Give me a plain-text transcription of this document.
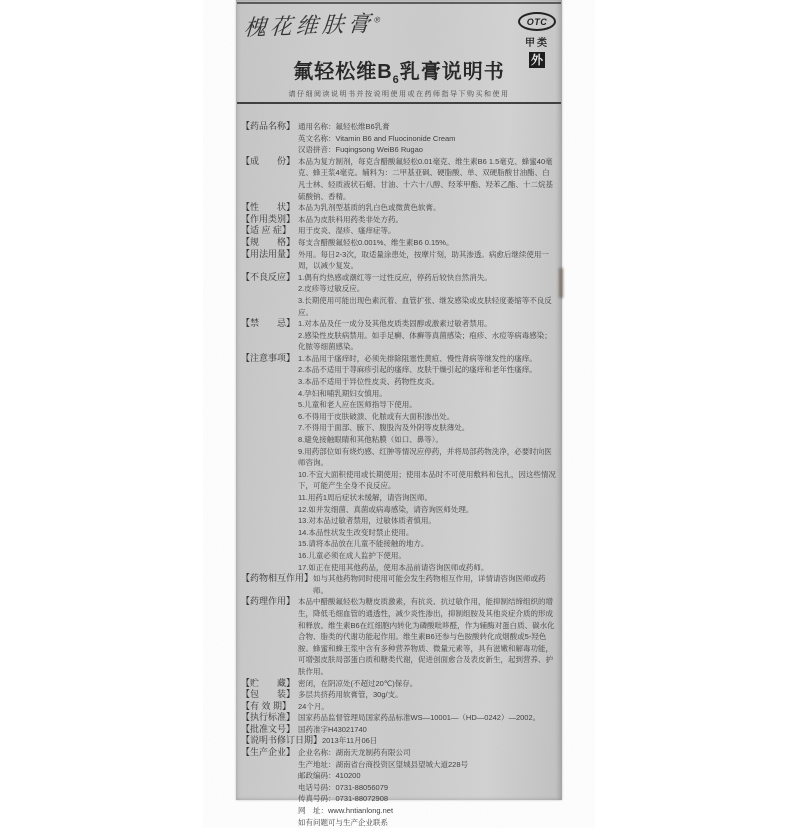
槐花维肤膏®	OTC
甲类
外
氟轻松维$B_6$乳膏说明书
请仔细阅读说明书并按说明使用或在药师指导下购买和使用
【药品名称】 通用名称：氟轻松维B6乳膏

英文名称：Vitamin B6 and Fluocinonide Cream

汉语拼音：Fuqingsong WeiB6 Rugao

【成　　份】 本品为复方制剂，每克含醋酸氟轻松0.01毫克、维生素B6 1.5毫克、蜂蜜40毫克、蜂王浆4毫克。辅料为：二甲基亚砜、硬脂酸、单、双硬脂酸甘油酯、白凡士林、轻质液状石蜡、甘油、十六十八醇、羟苯甲酯、羟苯乙酯、十二烷基硫酸钠、香精。

【性　　状】 本品为乳剂型基质的乳白色或微黄色软膏。

【作用类别】 本品为皮肤科用药类非处方药。

【适 应 症】 用于皮炎、湿疹、瘙痒症等。

【规　　格】 每支含醋酸氟轻松0.001%、维生素B6 0.15%。

【用法用量】 外用。每日2-3次，取适量涂患处，按摩片刻，助其渗透。病愈后继续使用一周，以减少复发。

【不良反应】 1.偶有灼热感或潮红等一过性反应，停药后较快自然消失。

2.皮疹等过敏反应。

3.长期使用可能出现色素沉着、血管扩张、继发感染或皮肤轻度萎缩等不良反应。

【禁　　忌】 1.对本品及任一成分及其他皮质类固醇或激素过敏者禁用。

2.感染性皮肤病禁用。如手足癣、体癣等真菌感染；疱疹、水痘等病毒感染；化脓等细菌感染。

【注意事项】 1.本品用于瘙痒时，必须先排除阻塞性黄疸、慢性肾病等继发性的瘙痒。

2.本品不适用于荨麻疹引起的瘙痒、皮肤干燥引起的瘙痒和老年性瘙痒。

3.本品不适用于异位性皮炎、药物性皮炎。

4.孕妇和哺乳期妇女慎用。

5.儿童和老人应在医师指导下使用。

6.不得用于皮肤破溃、化脓或有大面积渗出处。

7.不得用于面部、腋下、腹股沟及外阴等皮肤薄处。

8.避免接触眼睛和其他粘膜（如口、鼻等）。

9.用药部位如有烧灼感、红肿等情况应停药，并将局部药物洗净，必要时向医师咨询。

10.不宜大面积使用或长期使用；使用本品时不可使用敷料和包扎，因这些情况下，可能产生全身不良反应。

11.用药1周后症状未缓解，请咨询医师。

12.如并发细菌、真菌或病毒感染，请咨询医师处理。

13.对本品过敏者禁用，过敏体质者慎用。

14.本品性状发生改变时禁止使用。

15.请将本品放在儿童不能接触的地方。

16.儿童必须在成人监护下使用。

17.如正在使用其他药品，使用本品前请咨询医师或药师。

【药物相互作用】 如与其他药物同时使用可能会发生药物相互作用，详情请咨询医师或药师。

【药理作用】 本品中醋酸氟轻松为糖皮质激素，有抗炎、抗过敏作用，能抑制结缔组织的增生，降低毛细血管的通透性，减少炎性渗出，抑制组胺及其他炎症介质的形成和释放。维生素B6在红细胞内转化为磷酸吡哆醛，作为辅酶对蛋白质、碳水化合物、脂类的代谢功能起作用。维生素B6还参与色胺酸转化成烟酸或5-羟色胺。蜂蜜和蜂王浆中含有多种营养物质、微量元素等，具有滋嫩和解毒功能，可增强皮肤局部蛋白质和糖类代谢，促进创面愈合及表皮新生，起到营养、护肤作用。

【贮　　藏】 密闭，在阴凉处(不超过20℃)保存。

【包　　装】 多层共挤药用软膏管，30g/支。

【有 效 期】 24个月。

【执行标准】 国家药品监督管理局国家药品标准WS—10001—（HD—0242）—2002。

【批准文号】 国药准字H43021740

【说明书修订日期】 2013年11月06日

【生产企业】 企业名称：湖南天龙制药有限公司

生产地址：湖南省台商投资区望城县望城大道228号

邮政编码：410200

电话号码：0731-88056079

传真号码：0731-88072908

网　址：www.hntianlong.net

如有问题可与生产企业联系
